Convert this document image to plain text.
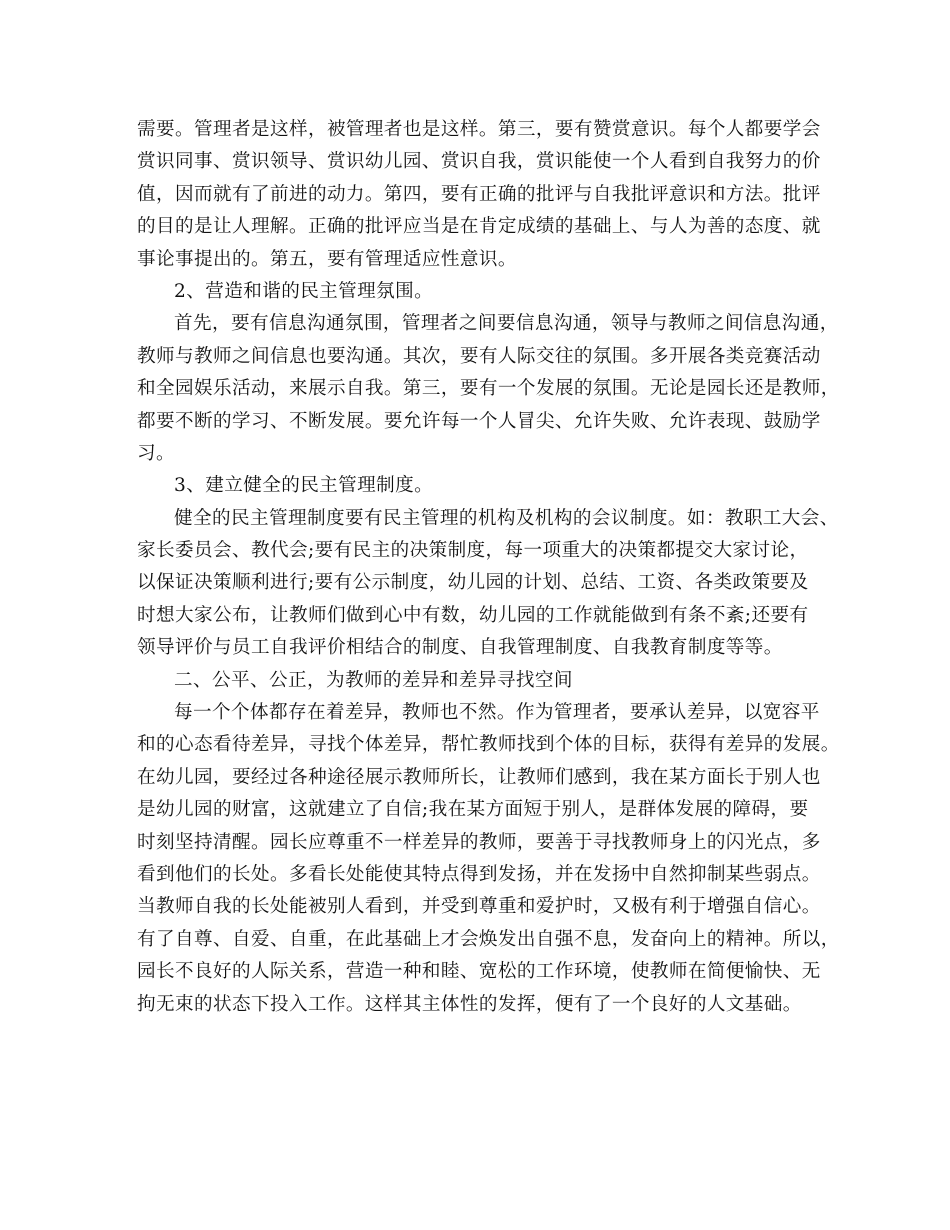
需要。管理者是这样，被管理者也是这样。第三，要有赞赏意识。每个人都要学会
赏识同事、赏识领导、赏识幼儿园、赏识自我，赏识能使一个人看到自我努力的价
值，因而就有了前进的动力。第四，要有正确的批评与自我批评意识和方法。批评
的目的是让人理解。正确的批评应当是在肯定成绩的基础上、与人为善的态度、就
事论事提出的。第五，要有管理适应性意识。
2、营造和谐的民主管理氛围。
首先，要有信息沟通氛围，管理者之间要信息沟通，领导与教师之间信息沟通，
教师与教师之间信息也要沟通。其次，要有人际交往的氛围。多开展各类竞赛活动
和全园娱乐活动，来展示自我。第三，要有一个发展的氛围。无论是园长还是教师，
都要不断的学习、不断发展。要允许每一个人冒尖、允许失败、允许表现、鼓励学
习。
3、建立健全的民主管理制度。
健全的民主管理制度要有民主管理的机构及机构的会议制度。如：教职工大会、
家长委员会、教代会;要有民主的决策制度，每一项重大的决策都提交大家讨论，
以保证决策顺利进行;要有公示制度，幼儿园的计划、总结、工资、各类政策要及
时想大家公布，让教师们做到心中有数，幼儿园的工作就能做到有条不紊;还要有
领导评价与员工自我评价相结合的制度、自我管理制度、自我教育制度等等。
二、公平、公正，为教师的差异和差异寻找空间
每一个个体都存在着差异，教师也不然。作为管理者，要承认差异，以宽容平
和的心态看待差异，寻找个体差异，帮忙教师找到个体的目标，获得有差异的发展。
在幼儿园，要经过各种途径展示教师所长，让教师们感到，我在某方面长于别人也
是幼儿园的财富，这就建立了自信;我在某方面短于别人，是群体发展的障碍，要
时刻坚持清醒。园长应尊重不一样差异的教师，要善于寻找教师身上的闪光点，多
看到他们的长处。多看长处能使其特点得到发扬，并在发扬中自然抑制某些弱点。
当教师自我的长处能被别人看到，并受到尊重和爱护时，又极有利于增强自信心。
有了自尊、自爱、自重，在此基础上才会焕发出自强不息，发奋向上的精神。所以，
园长不良好的人际关系，营造一种和睦、宽松的工作环境，使教师在简便愉快、无
拘无束的状态下投入工作。这样其主体性的发挥，便有了一个良好的人文基础。
